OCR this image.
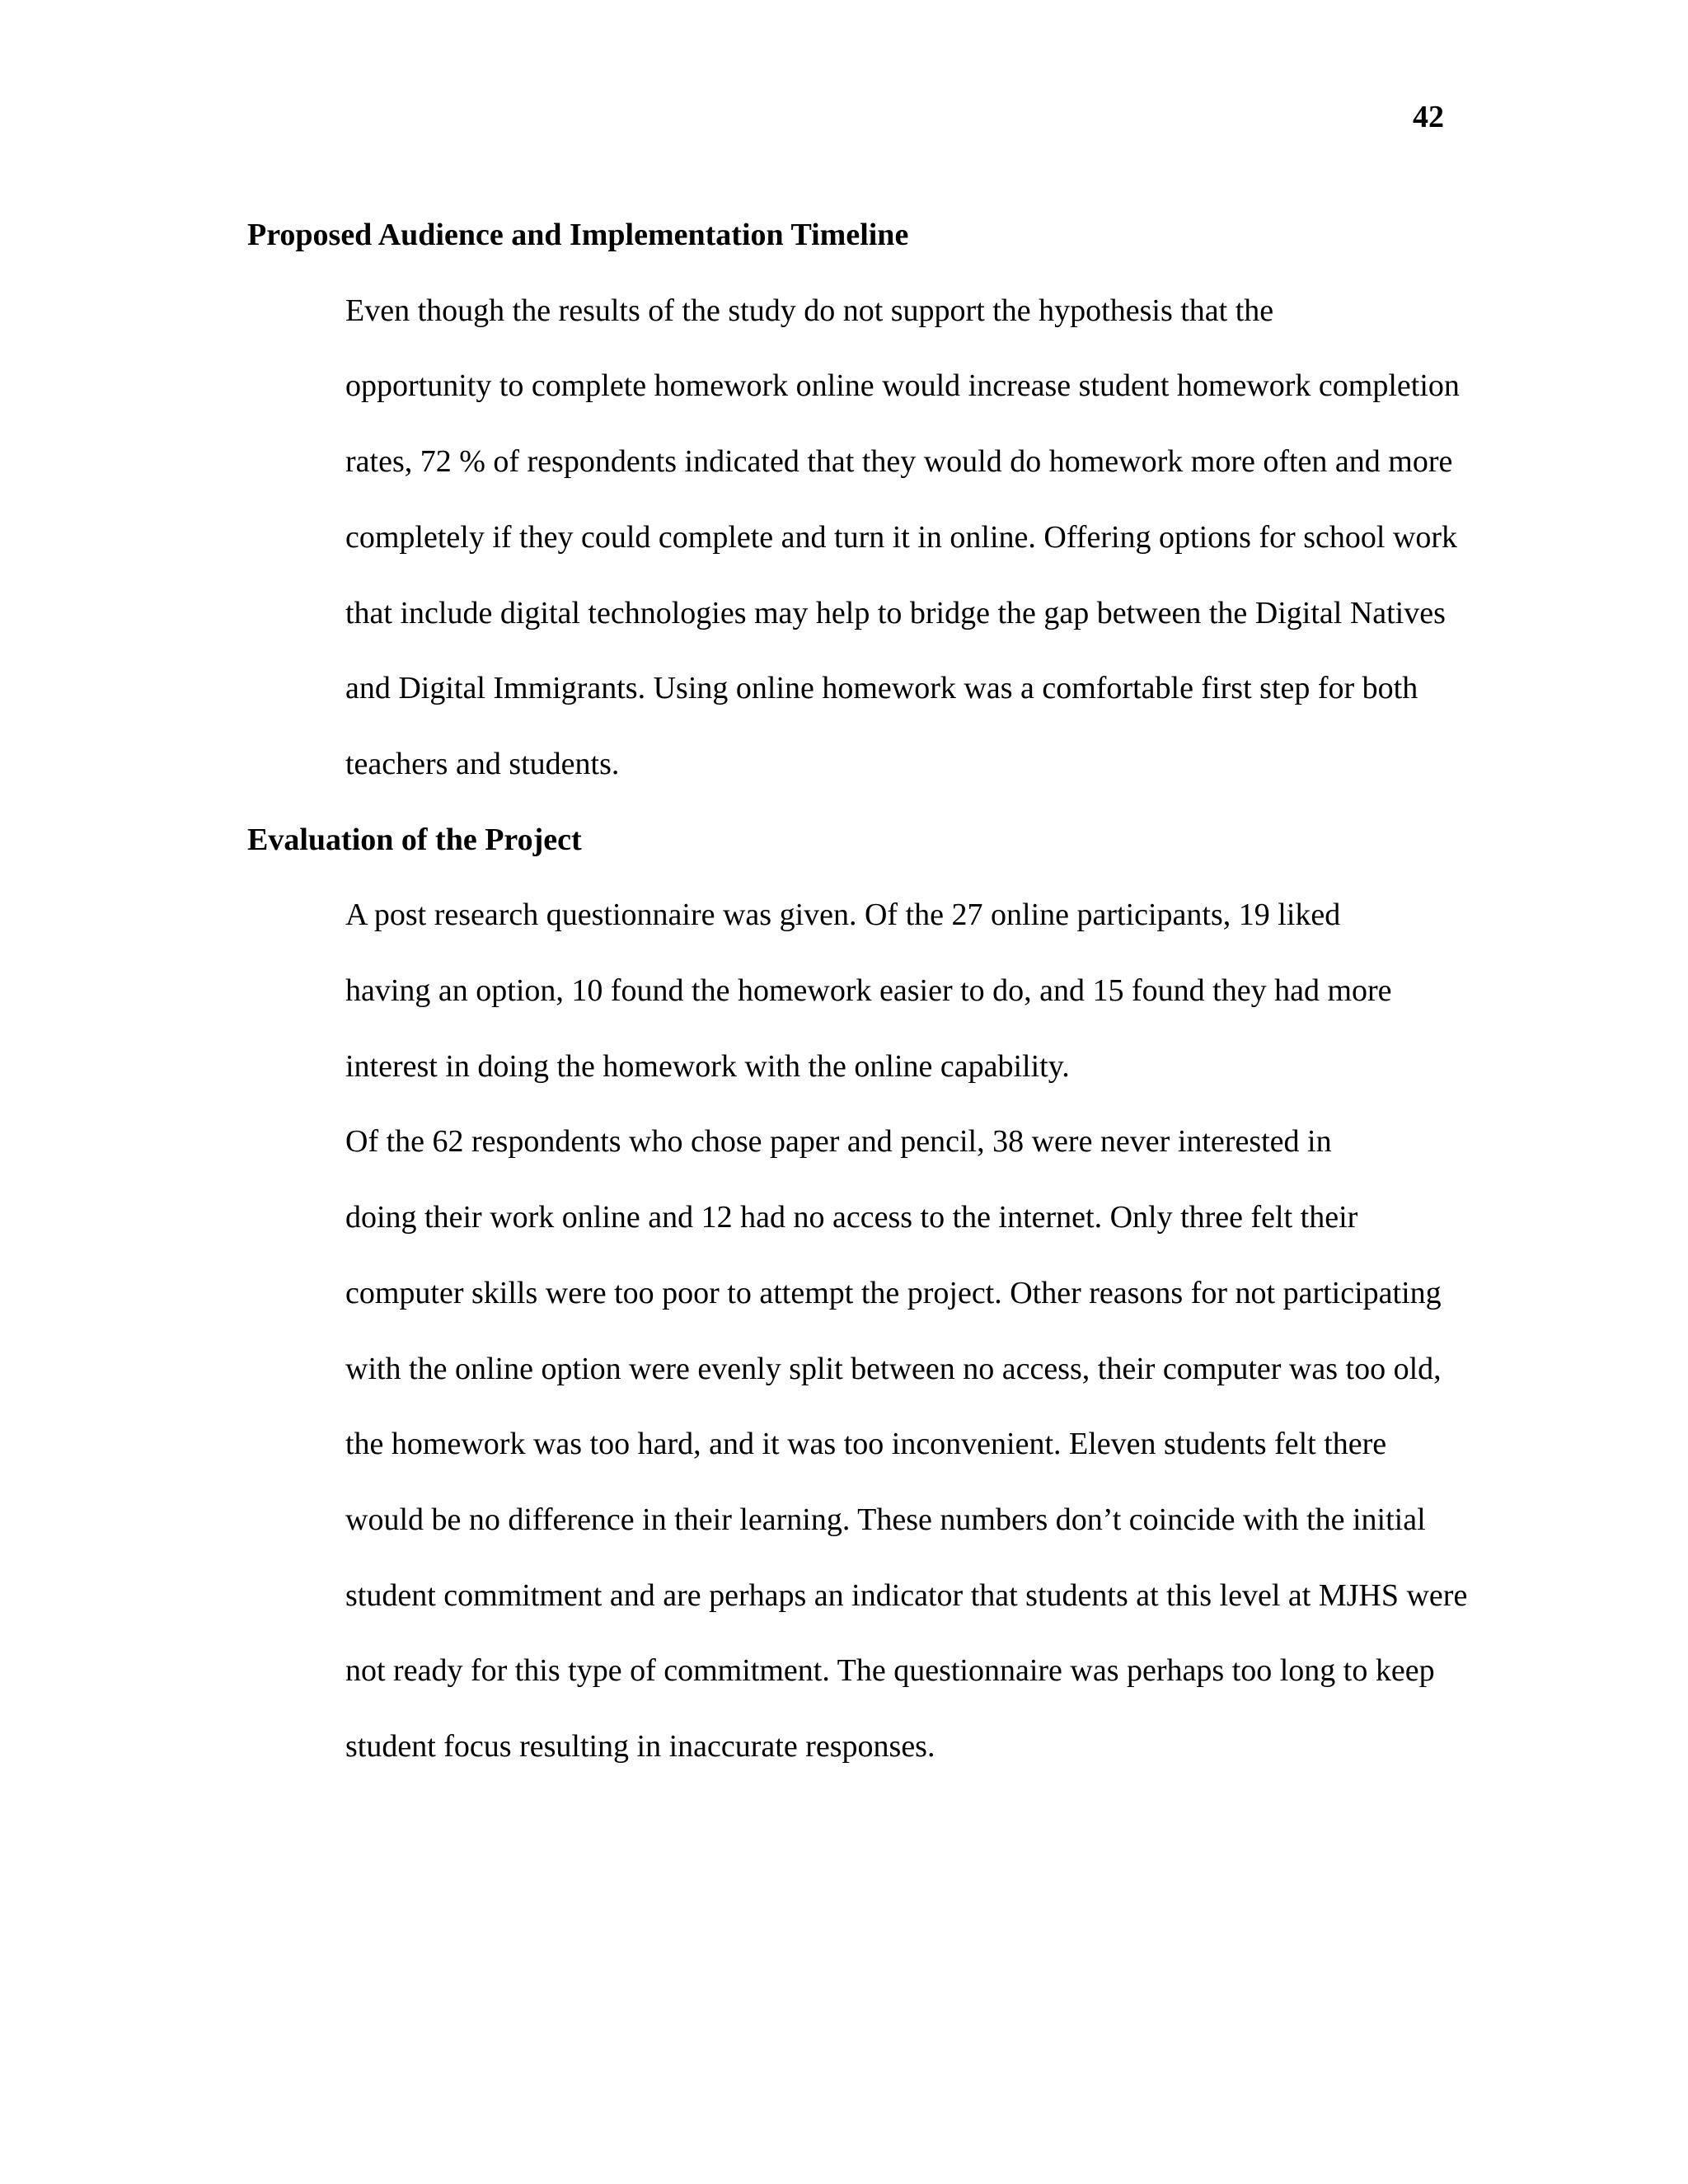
42
Proposed Audience and Implementation Timeline

Even though the results of the study do not support the hypothesis that the
opportunity to complete homework online would increase student homework completion
rates, 72 % of respondents indicated that they would do homework more often and more
completely if they could complete and turn it in online. Offering options for school work
that include digital technologies may help to bridge the gap between the Digital Natives
and Digital Immigrants. Using online homework was a comfortable first step for both
teachers and students.

Evaluation of the Project

A post research questionnaire was given. Of the 27 online participants, 19 liked
having an option, 10 found the homework easier to do, and 15 found they had more
interest in doing the homework with the online capability.

Of the 62 respondents who chose paper and pencil, 38 were never interested in
doing their work online and 12 had no access to the internet. Only three felt their
computer skills were too poor to attempt the project. Other reasons for not participating
with the online option were evenly split between no access, their computer was too old,
the homework was too hard, and it was too inconvenient. Eleven students felt there
would be no difference in their learning. These numbers don’t coincide with the initial
student commitment and are perhaps an indicator that students at this level at MJHS were
not ready for this type of commitment. The questionnaire was perhaps too long to keep
student focus resulting in inaccurate responses.
